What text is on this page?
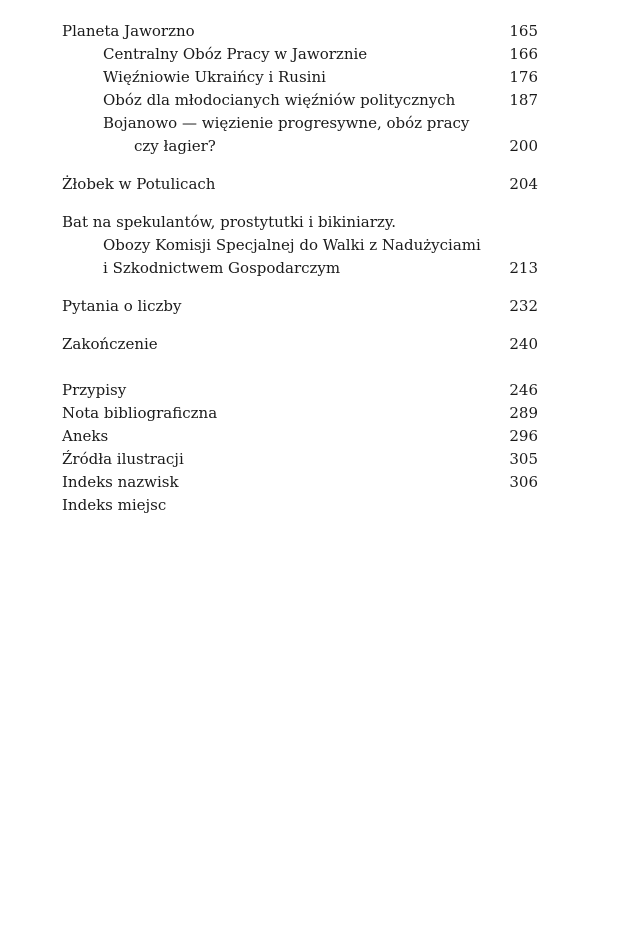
Planeta Jaworzno	165
Centralny Obóz Pracy w Jaworznie	166
Więźniowie Ukraińcy i Rusini	176
Obóz dla młodocianych więźniów politycznych	187
Bojanowo — więzienie progresywne, obóz pracy
czy łagier?	200
Żłobek w Potulicach	204
Bat na spekulantów, prostytutki i bikiniarzy.
Obozy Komisji Specjalnej do Walki z Nadużyciami
i Szkodnictwem Gospodarczym	213
Pytania o liczby	232
Zakończenie	240
Przypisy	246
Nota bibliograficzna	289
Aneks	296
Źródła ilustracji	305
Indeks nazwisk	306
Indeks miejsc
